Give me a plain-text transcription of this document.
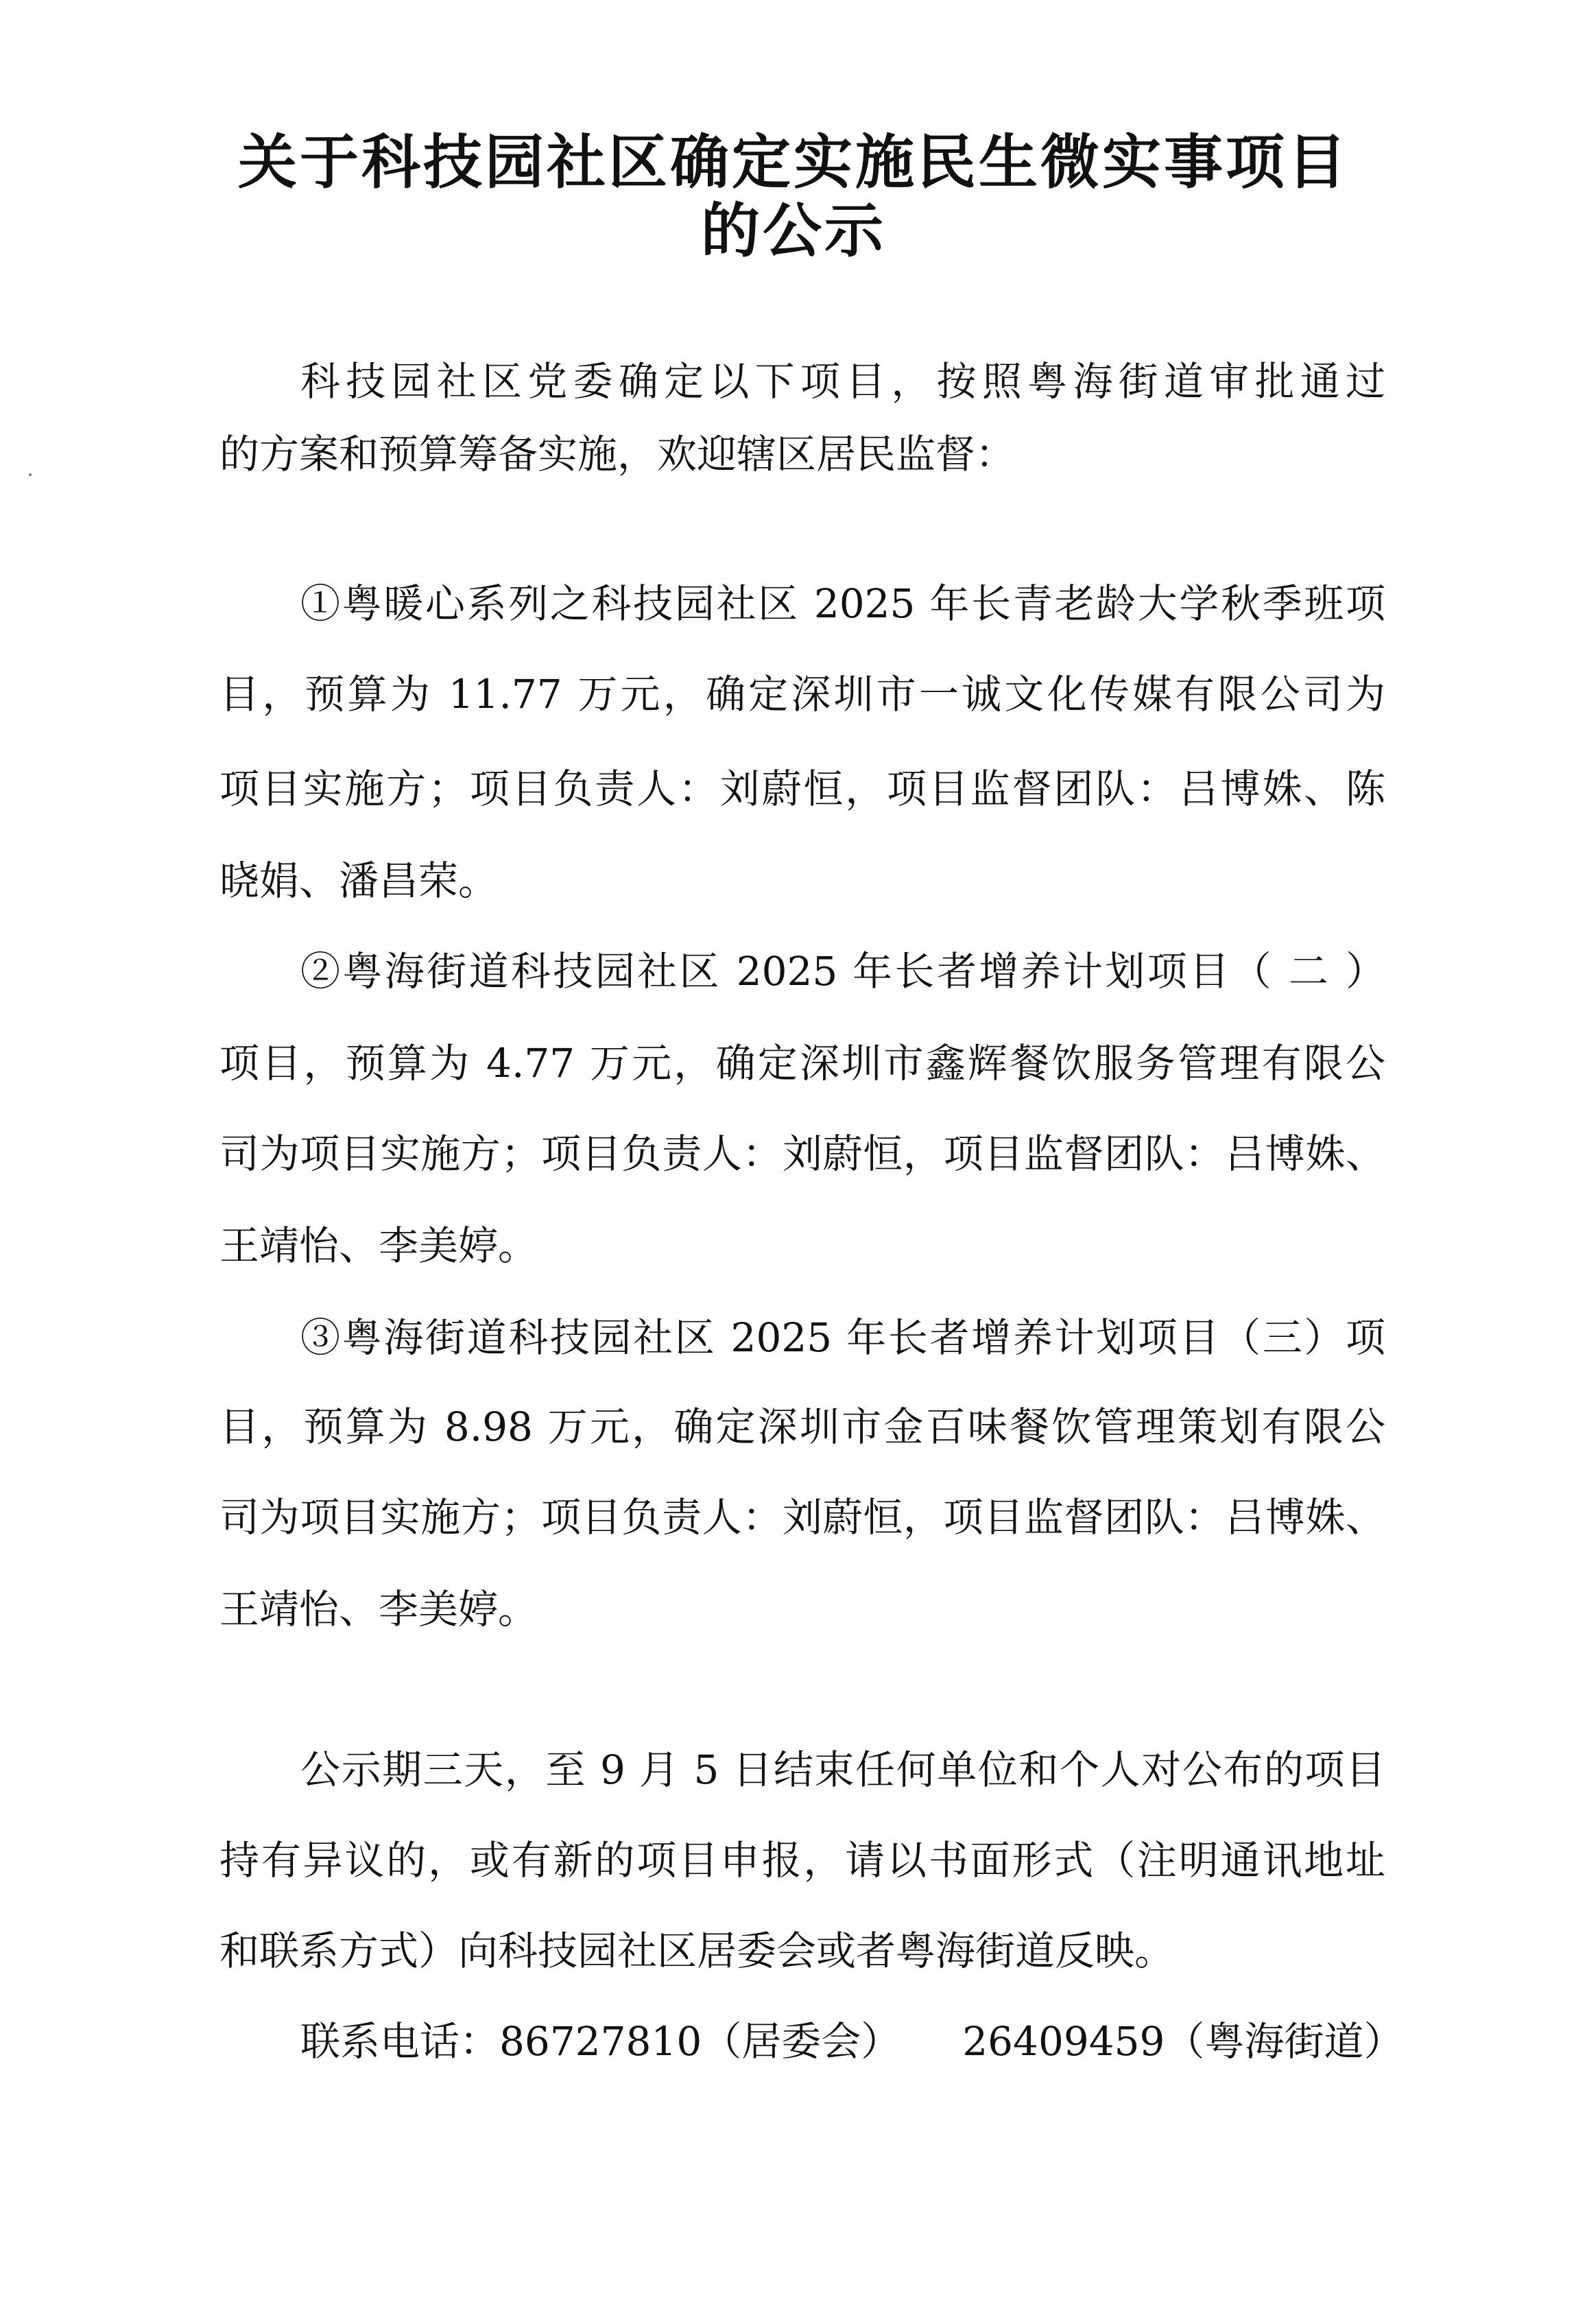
关于科技园社区确定实施民生微实事项目
的公示

科技园社区党委确定以下项目，按照粤海街道审批通过

的方案和预算筹备实施，欢迎辖区居民监督：

①粤暖心系列之科技园社区 2025 年长青老龄大学秋季班项

目，预算为 11.77 万元，确定深圳市一诚文化传媒有限公司为

项目实施方；项目负责人：刘蔚恒，项目监督团队：吕博姝、陈

晓娟、潘昌荣。

②粤海街道科技园社区 2025 年长者增养计划项目（ 二 ）

项目，预算为 4.77 万元，确定深圳市鑫辉餐饮服务管理有限公

司为项目实施方；项目负责人：刘蔚恒，项目监督团队：吕博姝、

王靖怡、李美婷。

③粤海街道科技园社区 2025 年长者增养计划项目（三）项

目，预算为 8.98 万元，确定深圳市金百味餐饮管理策划有限公

司为项目实施方；项目负责人：刘蔚恒，项目监督团队：吕博姝、

王靖怡、李美婷。

公示期三天，至 9 月 5 日结束任何单位和个人对公布的项目

持有异议的，或有新的项目申报，请以书面形式（注明通讯地址

和联系方式）向科技园社区居委会或者粤海街道反映。

联系电话：86727810（居委会） 26409459（粤海街道）
